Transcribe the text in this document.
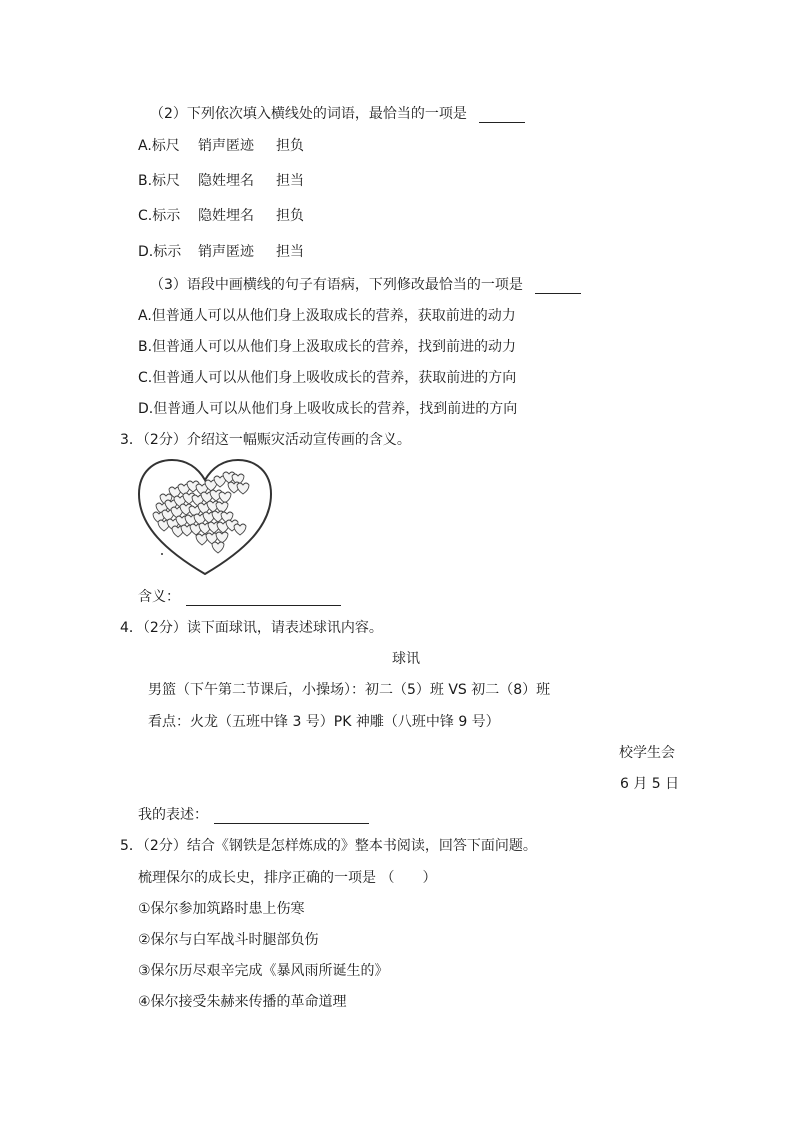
（2）下列依次填入横线处的词语，最恰当的一项是
A.标尺 销声匿迹 担负
B.标尺 隐姓埋名 担当
C.标示 隐姓埋名 担负
D.标示 销声匿迹 担当
（3）语段中画横线的句子有语病，下列修改最恰当的一项是
A.但普通人可以从他们身上汲取成长的营养，获取前进的动力
B.但普通人可以从他们身上汲取成长的营养，找到前进的动力
C.但普通人可以从他们身上吸收成长的营养，获取前进的方向
D.但普通人可以从他们身上吸收成长的营养，找到前进的方向
3．（2分）介绍这一幅赈灾活动宣传画的含义。
含义：
4．（2分）读下面球讯，请表述球讯内容。
球讯
男篮（下午第二节课后，小操场）：初二（5）班 VS 初二（8）班
看点：火龙（五班中锋 3 号）PK 神雕（八班中锋 9 号）
校学生会
6 月 5 日
我的表述：
5．（2分）结合《钢铁是怎样炼成的》整本书阅读，回答下面问题。
梳理保尔的成长史，排序正确的一项是 （　　）
①保尔参加筑路时患上伤寒
②保尔与白军战斗时腿部负伤
③保尔历尽艰辛完成《暴风雨所诞生的》
④保尔接受朱赫来传播的革命道理
